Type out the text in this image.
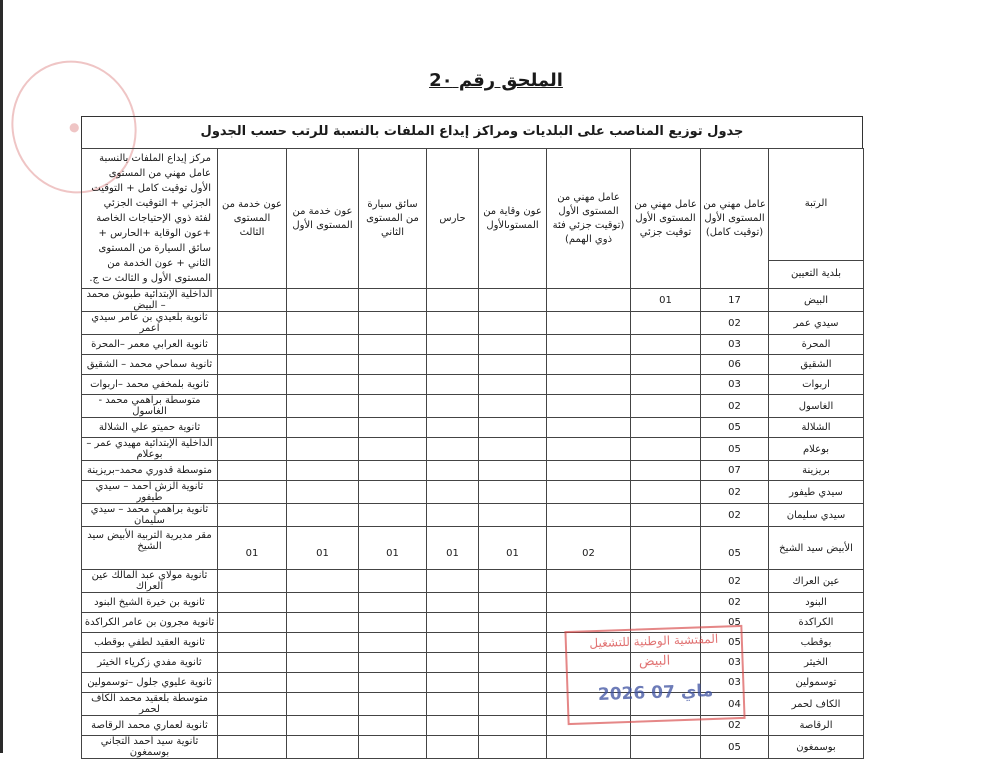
●
الملحق رقم 2٠
جدول توزيع المناصب على البلديات ومراكز إيداع الملفات بالنسبة للرتب حسب الجدول
الرتبة	عامل مهني من المستوى الأول (توقيت كامل)	عامل مهني من المستوى الأول توقيت جزئي	عامل مهني من المستوى الأول (توقيت جزئي فئة ذوي الهمم)	عون وقاية من المستوىالأول	حارس	سائق سيارة من المستوى الثاني	عون خدمة من المستوى الأول	عون خدمة من المستوى الثالث	مركز إيداع الملفات بالنسبة عامل مهني من المستوى الأول توقيت كامل + التوقيت الجزئي + التوقيت الجزئي لفئة ذوي الإحتياجات الخاصة +عون الوقاية +الحارس + سائق السيارة من المستوى الثاني + عون الخدمة من المستوى الأول و الثالث ت ج.
بلدية التعيين									
البيض	17	01							الداخلية الإبتدائية طبوش محمد – البيض
سيدي عمر	02								ثانوية بلعيدي بن عامر سيدي اعمر
المحرة	03								ثانوية العرابي معمر –المحرة
الشقيق	06								ثانوية سماحي محمد – الشقيق
اربوات	03								ثانوية بلمخفي محمد –اربوات
الغاسول	02								متوسطة براهمي محمد - الغاسول
الشلالة	05								ثانوية حميتو علي الشلالة
بوعلام	05								الداخلية الإبتدائية مهيدي عمر – بوعلام
بريزينة	07								متوسطة قدوري محمد–بريزينة
سيدي طيفور	02								ثانوية الزش أحمد – سيدي طيفور
سيدي سليمان	02								ثانوية براهمي محمد – سيدي سليمان
الأبيض سيد الشيخ	05		02	01	01	01	01	01	مقر مديرية التربية الأبيض سيد الشيخ
عين العراك	02								ثانوية مولاي عبد المالك عين العراك
البنود	02								ثانوية بن خيرة الشيخ البنود
الكراكدة	05								ثانوية مجرون بن عامر الكراكدة
بوقطب	05								ثانوية العقيد لطفي بوقطب
الخيثر	03								ثانوية مفدي زكرياء الخيثر
توسمولين	03								ثانوية عليوي جلول –توسمولين
الكاف لحمر	04								متوسطة بلعقيد محمد الكاف لحمر
الرقاصة	02								ثانوية لعماري محمد الرقاصة
بوسمغون	05								ثانوية سيد أحمد التجاني بوسمغون
المفتشية الوطنية للتشغيل
البيض
2026 ماي 07
